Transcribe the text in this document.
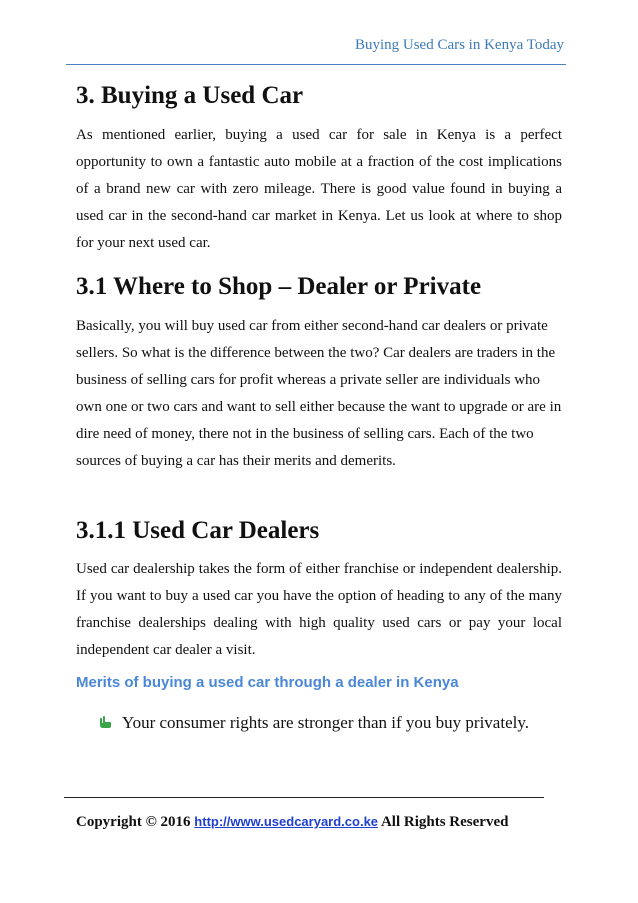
Buying Used Cars in Kenya Today
3. Buying a Used Car

As mentioned earlier, buying a used car for sale in Kenya is a perfect opportunity to own a fantastic auto mobile at a fraction of the cost implications of a brand new car with zero mileage. There is good value found in buying a used car in the second-hand car market in Kenya. Let us look at where to shop for your next used car.

3.1 Where to Shop – Dealer or Private

Basically, you will buy used car from either second-hand car dealers or private sellers. So what is the difference between the two? Car dealers are traders in the business of selling cars for profit whereas a private seller are individuals who own one or two cars and want to sell either because the want to upgrade or are in dire need of money, there not in the business of selling cars. Each of the two sources of buying a car has their merits and demerits.

3.1.1 Used Car Dealers

Used car dealership takes the form of either franchise or independent dealership. If you want to buy a used car you have the option of heading to any of the many franchise dealerships dealing with high quality used cars or pay your local independent car dealer a visit.

Merits of buying a used car through a dealer in Kenya
Your consumer rights are stronger than if you buy privately.
Copyright © 2016 http://www.usedcaryard.co.ke All Rights Reserved
